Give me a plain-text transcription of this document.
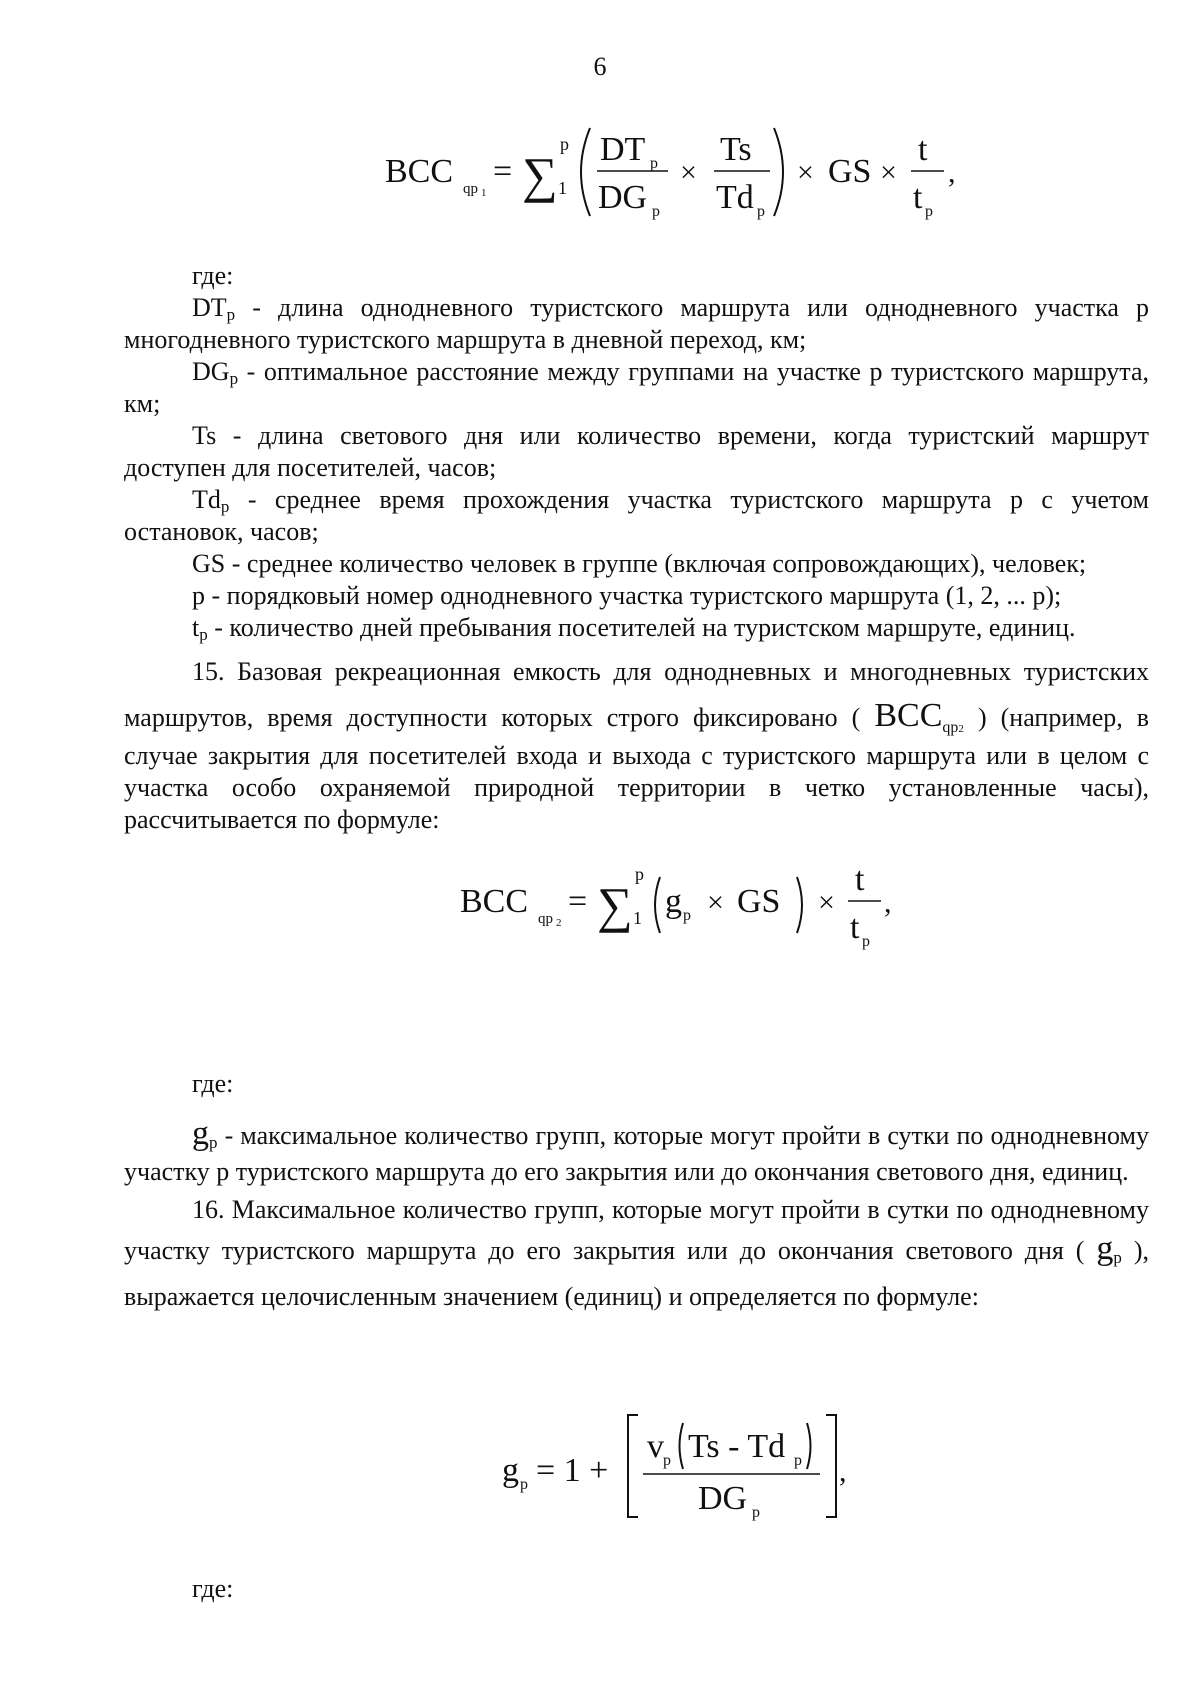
6
BCC qp 1
= ∑
p
1
DT p
DG p
×
Ts
Td p
× GS ×
t
t p
,
где:
$DT_p$ - длина однодневного туристского маршрута или однодневного участка р многодневного туристского маршрута в дневной переход, км;
$DG_p$ - оптимальное расстояние между группами на участке р туристского маршрута, км;
Ts - длина светового дня или количество времени, когда туристский маршрут доступен для посетителей, часов;
$Td_p$ - среднее время прохождения участка туристского маршрута р с учетом остановок, часов;
GS - среднее количество человек в группе (включая сопровождающих), человек;
p - порядковый номер однодневного участка туристского маршрута (1, 2, ... p);
$t_p$ - количество дней пребывания посетителей на туристском маршруте, единиц.
15. Базовая рекреационная емкость для однодневных и многодневных туристских маршрутов, время доступности которых строго фиксировано ( $BCC_{qp2}$ ) (например, в случае закрытия для посетителей входа и выхода с туристского маршрута или в целом с участка особо охраняемой природной территории в четко установленные часы), рассчитывается по формуле:
BCC qp 2
= ∑
p
1 g p × GS ×
t
t p
,
где:
$g_p$ - максимальное количество групп, которые могут пройти в сутки по однодневному участку р туристского маршрута до его закрытия или до окончания светового дня, единиц.
16. Максимальное количество групп, которые могут пройти в сутки по однодневному участку туристского маршрута до его закрытия или до окончания светового дня ( $g_p$ ), выражается целочисленным значением (единиц) и определяется по формуле:
g p = 1 +
v p Ts - Td p
DG p
,
где:
